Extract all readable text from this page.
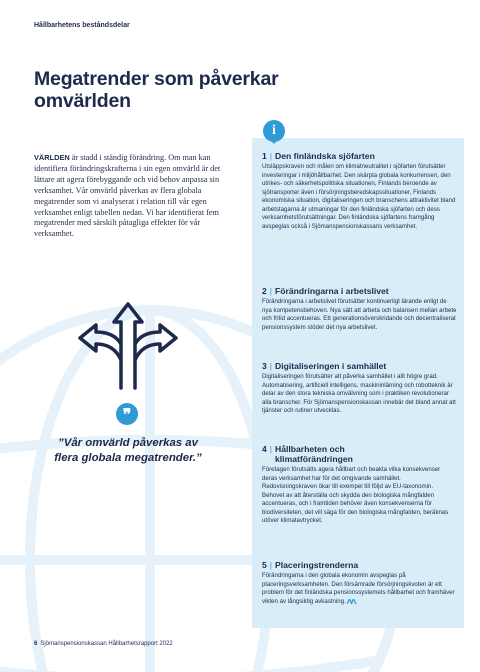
Hållbarhetens beståndsdelar
Megatrender som påverkar omvärlden

VÄRLDEN är stadd i ständig förändring. Om man kan identifiera förändringskrafterna i sin egen omvärld är det lättare att agera förebyggande och vid behov anpassa sin verksamhet. Vår omvärld påverkas av flera globala megatrender som vi analyserat i relation till vår egen verksamhet enligt tabellen nedan. Vi har identifierat fem megatrender med särskilt påtagliga effekter för vår verksamhet.

❞

”Vår omvärld påverkas av flera globala megatrender.”

i
1 | Den finländska sjöfarten

Utsläppskraven och målen om klimatneutralitet i sjöfarten förutsätter investeringar i miljöhållbarhet. Den skärpta globala konkurrensen, den utrikes- och säkerhetspolitiska situationen, Finlands beroende av sjötransporter även i försörjningsberedskapssituationer, Finlands ekonomiska situation, digitaliseringen och branschens attraktivitet bland arbetstagarna är utmaningar för den finländska sjöfarten och dess verksamhetsförutsättningar. Den finländska sjöfartens framgång avspeglas också i Sjömanspensionskassans verksamhet.

2 | Förändringarna i arbetslivet

Förändringarna i arbetslivet förutsätter kontinuerligt lärande enligt de nya kompetensbehoven. Nya sätt att arbeta och balansen mellan arbete och fritid accentueras. Ett generationsöverskridande och decentraliserat pensionssystem stöder det nya arbetslivet.

3 | Digitaliseringen i samhället

Digitaliseringen förutsätter att påverka samhället i allt högre grad. Automatisering, artificiell intelligens, maskininlärning och robotteknik är delar av den stora tekniska omvälvning som i praktiken revolutionerar alla branscher. För Sjömanspensionskassan innebär det bland annat att tjänster och rutiner utvecklas.

4 | Hållbarheten och klimatförändringen

Företagen förutsätts agera hållbart och beakta vilka konsekvenser deras verksamhet har för det omgivande samhället. Redovisningskraven ökar till exempel till följd av EU-taxonomin. Behovet av att återställa och skydda den biologiska mångfalden accentueras, och i framtiden behöver även konsekvenserna för biodiversiteten, det vill säga för den biologiska mångfalden, beräknas utöver klimatavtrycket.

5 | Placeringstrenderna

Förändringarna i den globala ekonomin avspeglas på placeringsverksamheten. Den försämrade försörjningskvoten är ett problem för det finländska pensionssystemets hållbarhet och framhäver vikten av långsiktig avkastning.

6 Sjömanspensionskassan Hållbarhetsrapport 2022
